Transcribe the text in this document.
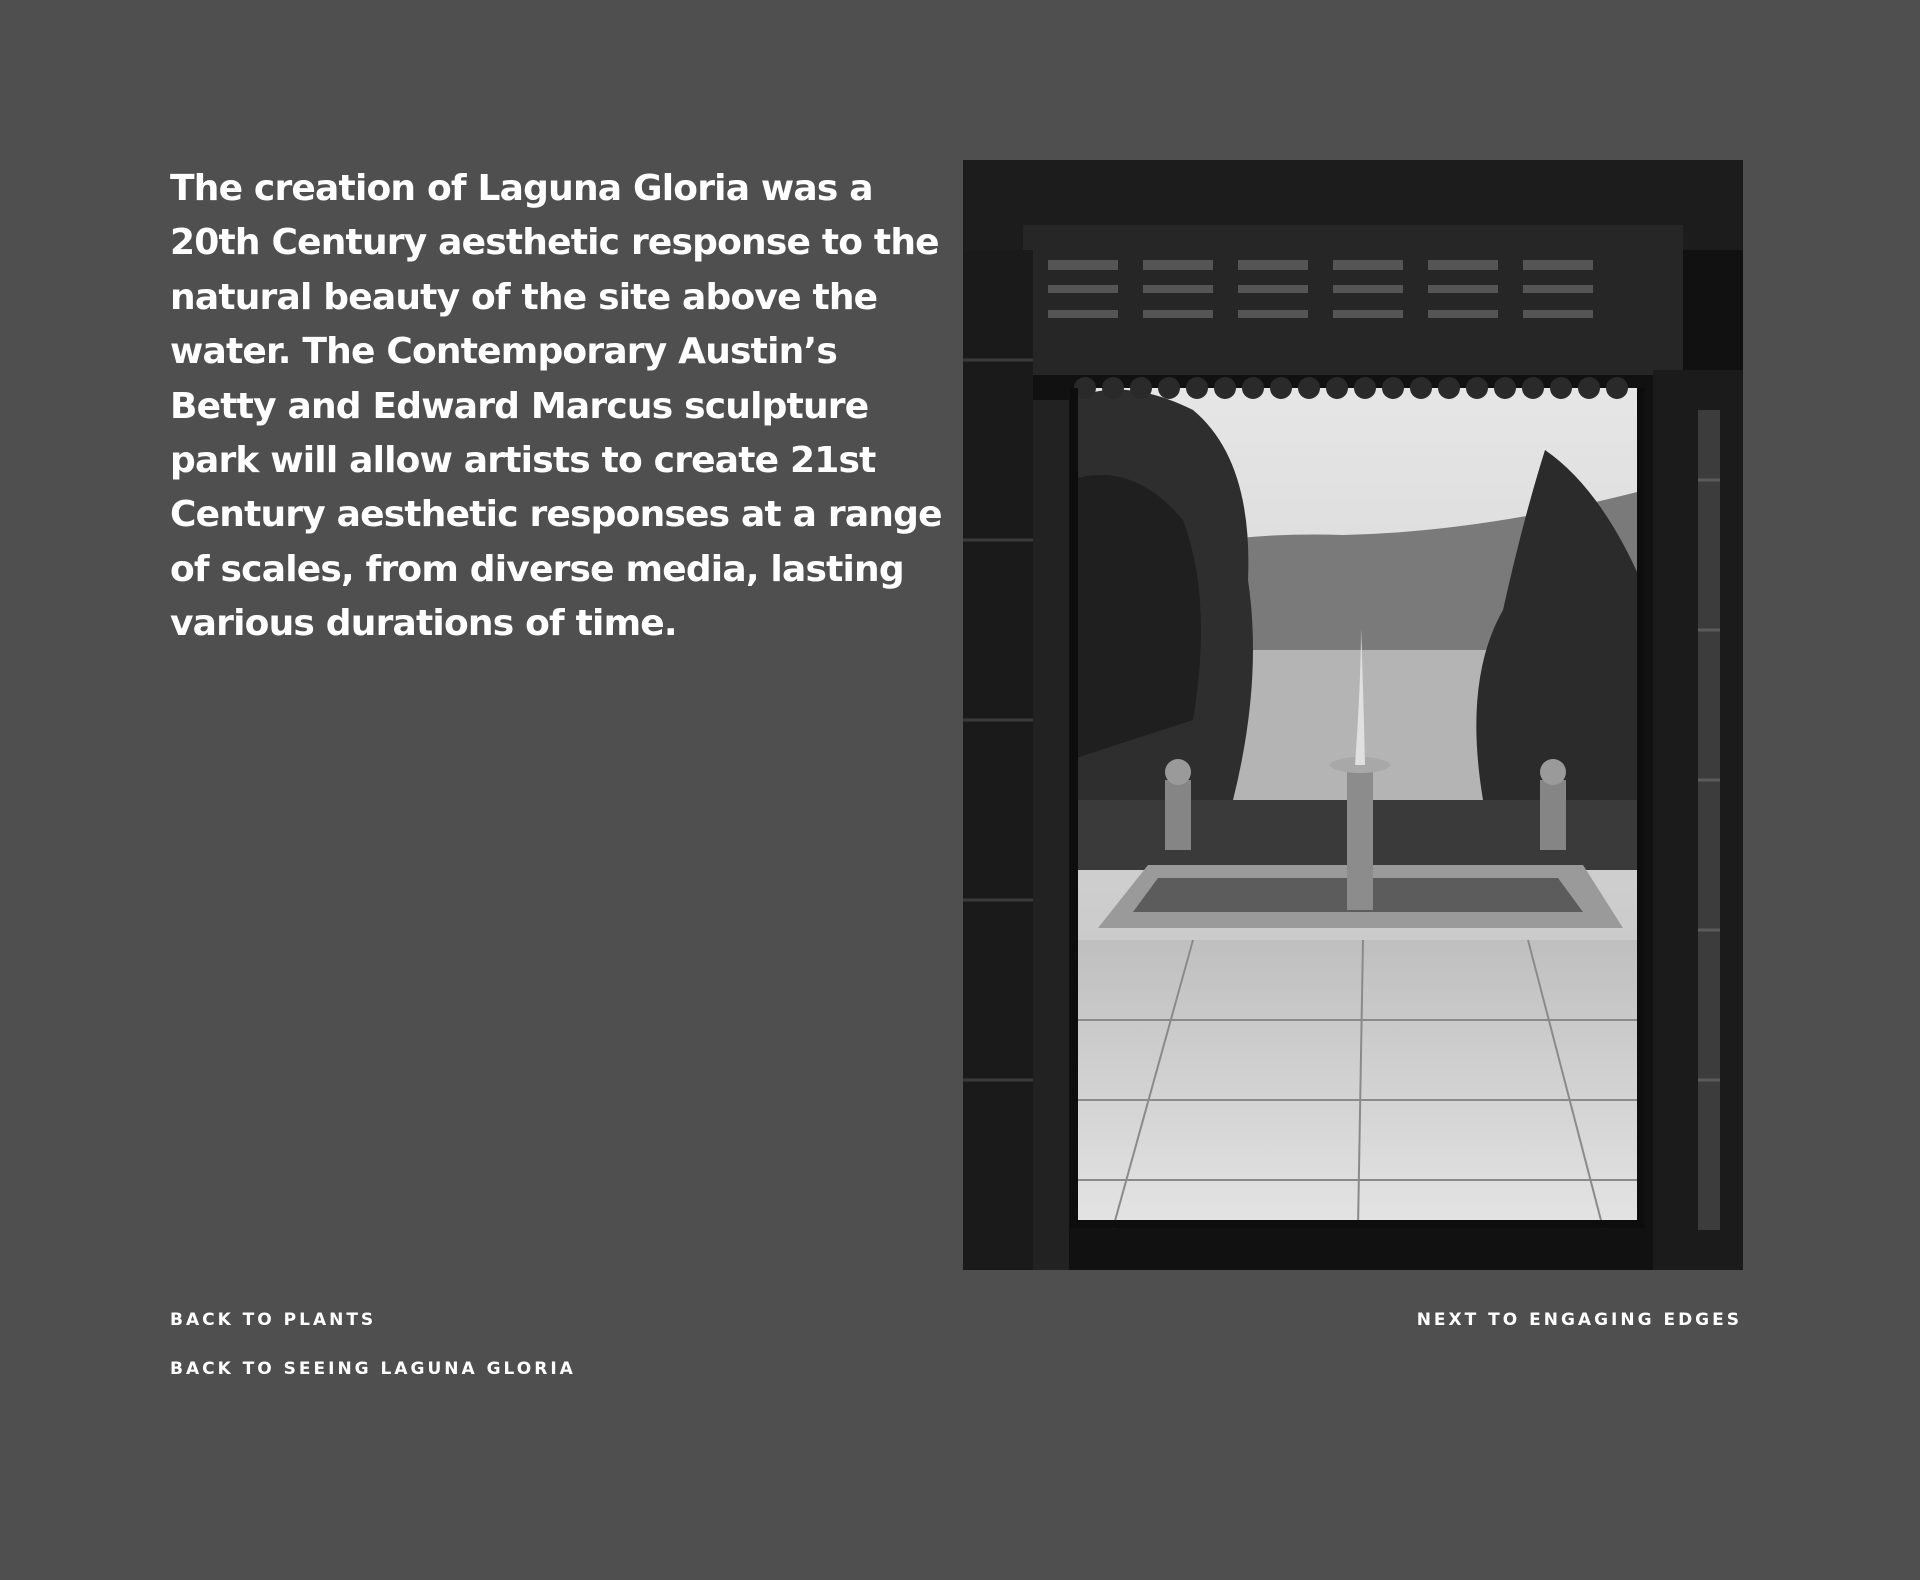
The creation of Laguna Gloria was a 20th Century aesthetic response to the natural beauty of the site above the water. The Contemporary Austin’s Betty and Edward Marcus sculpture park will allow artists to create 21st Century aesthetic responses at a range of scales, from diverse media, lasting various durations of time.

BACK TO PLANTS
BACK TO SEEING LAGUNA GLORIA
NEXT TO ENGAGING EDGES
